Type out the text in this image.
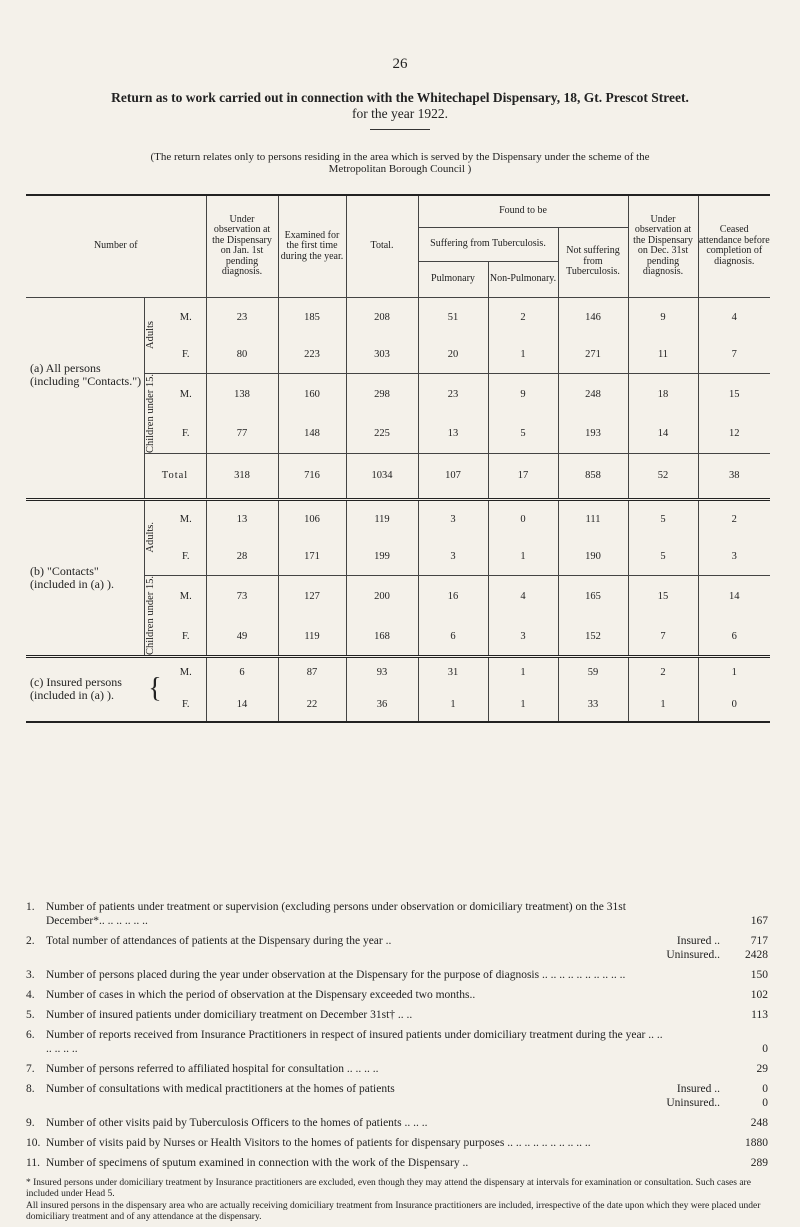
26
Return as to work carried out in connection with the Whitechapel Dispensary, 18, Gt. Prescot Street.
for the year 1922.
(The return relates only to persons residing in the area which is served by the Dispensary under the scheme of the
Metropolitan Borough Council )
Number of			Under observation at the Dispensary on Jan. 1st pending diagnosis.	Examined for the first time during the year.	Total.	Found to be			Under observation at the Dispensary on Dec. 31st pending diagnosis.	Ceased attendance before completion of diagnosis.
						Suffering from Tuberculosis.		Not suffering from Tuberculosis.		
						Pulmonary	Non-Pulmonary.			
(a) All persons (including "Contacts.")	Adults	M.	23	185	208	51	2	146	9	4
		F.	80	223	303	20	1	271	11	7

	Children under 15.	M.	138	160	298	23	9	248	18	15
		F.	77	148	225	13	5	193	14	12
	Total		318	716	1034	107	17	858	52	38
(b) "Contacts" (included in (a) ).	Adults.	M.	13	106	119	3	0	111	5	2
		F.	28	171	199	3	1	190	5	3

	Children under 15.	M.	73	127	200	16	4	165	15	14
		F.	49	119	168	6	3	152	7	6
(c) Insured persons (included in (a) ).	{	M.	6	87	93	31	1	59	2	1
		F.	14	22	36	1	1	33	1	0
1. Number of patients under treatment or supervision (excluding persons under observation or domiciliary treatment) on the 31st December*.. .. .. .. .. ..	167
2. Total number of attendances of patients at the Dispensary during the year ..	Insured ..	717
Uninsured.. 2428
3. Number of persons placed during the year under observation at the Dispensary for the purpose of diagnosis .. .. .. .. .. .. .. .. .. ..	150
4. Number of cases in which the period of observation at the Dispensary exceeded two months..	102
5. Number of insured patients under domiciliary treatment on December 31st† .. ..	113
6. Number of reports received from Insurance Practitioners in respect of insured patients under domiciliary treatment during the year .. .. .. .. .. ..	0
7. Number of persons referred to affiliated hospital for consultation .. .. .. ..	29
8. Number of consultations with medical practitioners at the homes of patients	Insured ..	0
Uninsured..	0
9. Number of other visits paid by Tuberculosis Officers to the homes of patients .. .. ..	248
10. Number of visits paid by Nurses or Health Visitors to the homes of patients for dispensary purposes .. .. .. .. .. .. .. .. .. ..	1880
11. Number of specimens of sputum examined in connection with the work of the Dispensary ..	289

* Insured persons under domiciliary treatment by Insurance practitioners are excluded, even though they may attend the dispensary at intervals for examination or consultation. Such cases are included under Head 5.

All insured persons in the dispensary area who are actually receiving domiciliary treatment from Insurance practitioners are included, irrespective of the date upon which they were placed under domiciliary treatment and of any attendance at the dispensary.
